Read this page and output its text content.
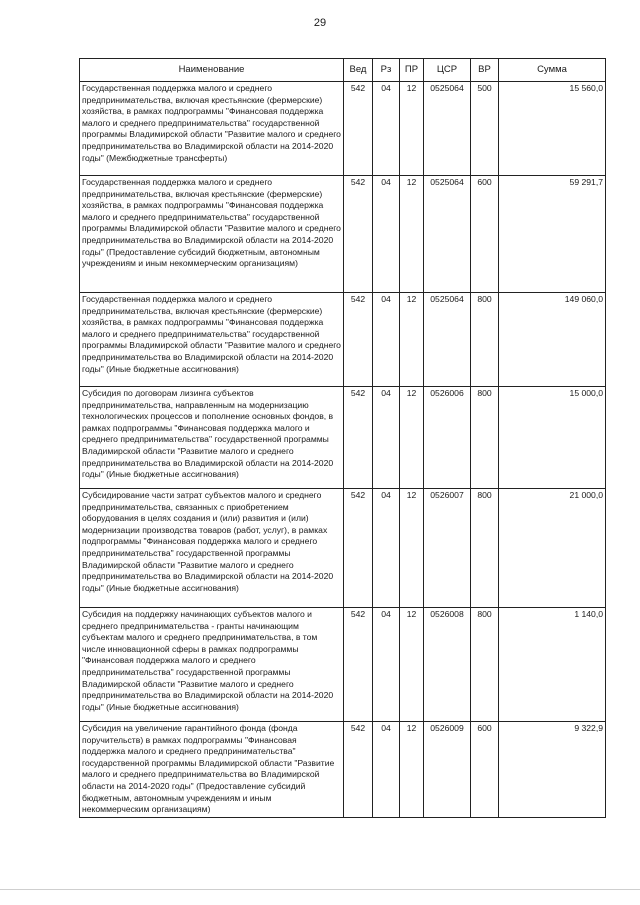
29
Наименование	Вед	Рз	ПР	ЦСР	ВР	Сумма
Государственная поддержка малого и среднего предпринимательства, включая крестьянские (фермерские) хозяйства, в рамках подпрограммы "Финансовая поддержка малого и среднего предпринимательства" государственной программы Владимирской области "Развитие малого и среднего предпринимательства во Владимирской области на 2014-2020 годы" (Межбюджетные трансферты)	542	04	12	0525064	500	15 560,0
Государственная поддержка малого и среднего предпринимательства, включая крестьянские (фермерские) хозяйства, в рамках подпрограммы "Финансовая поддержка малого и среднего предпринимательства" государственной программы Владимирской области "Развитие малого и среднего предпринимательства во Владимирской области на 2014-2020 годы" (Предоставление субсидий бюджетным, автономным учреждениям и иным некоммерческим организациям)	542	04	12	0525064	600	59 291,7
Государственная поддержка малого и среднего предпринимательства, включая крестьянские (фермерские) хозяйства, в рамках подпрограммы "Финансовая поддержка малого и среднего предпринимательства" государственной программы Владимирской области "Развитие малого и среднего предпринимательства во Владимирской области на 2014-2020 годы" (Иные бюджетные ассигнования)	542	04	12	0525064	800	149 060,0
Субсидия по договорам лизинга субъектов предпринимательства, направленным на модернизацию технологических процессов и пополнение основных фондов, в рамках подпрограммы "Финансовая поддержка малого и среднего предпринимательства" государственной программы Владимирской области "Развитие малого и среднего предпринимательства во Владимирской области на 2014-2020 годы" (Иные бюджетные ассигнования)	542	04	12	0526006	800	15 000,0
Субсидирование части затрат субъектов малого и среднего предпринимательства, связанных с приобретением оборудования в целях создания и (или) развития и (или) модернизации производства товаров (работ, услуг), в рамках подпрограммы "Финансовая поддержка малого и среднего предпринимательства" государственной программы Владимирской области "Развитие малого и среднего предпринимательства во Владимирской области на 2014-2020 годы" (Иные бюджетные ассигнования)	542	04	12	0526007	800	21 000,0
Субсидия на поддержку начинающих субъектов малого и среднего предпринимательства - гранты начинающим субъектам малого и среднего предпринимательства, в том числе инновационной сферы в рамках подпрограммы "Финансовая поддержка малого и среднего предпринимательства" государственной программы Владимирской области "Развитие малого и среднего предпринимательства во Владимирской области на 2014-2020 годы" (Иные бюджетные ассигнования)	542	04	12	0526008	800	1 140,0
Субсидия на увеличение гарантийного фонда (фонда поручительств) в рамках подпрограммы "Финансовая поддержка малого и среднего предпринимательства" государственной программы Владимирской области "Развитие малого и среднего предпринимательства во Владимирской области на 2014-2020 годы" (Предоставление субсидий бюджетным, автономным учреждениям и иным некоммерческим организациям)	542	04	12	0526009	600	9 322,9
